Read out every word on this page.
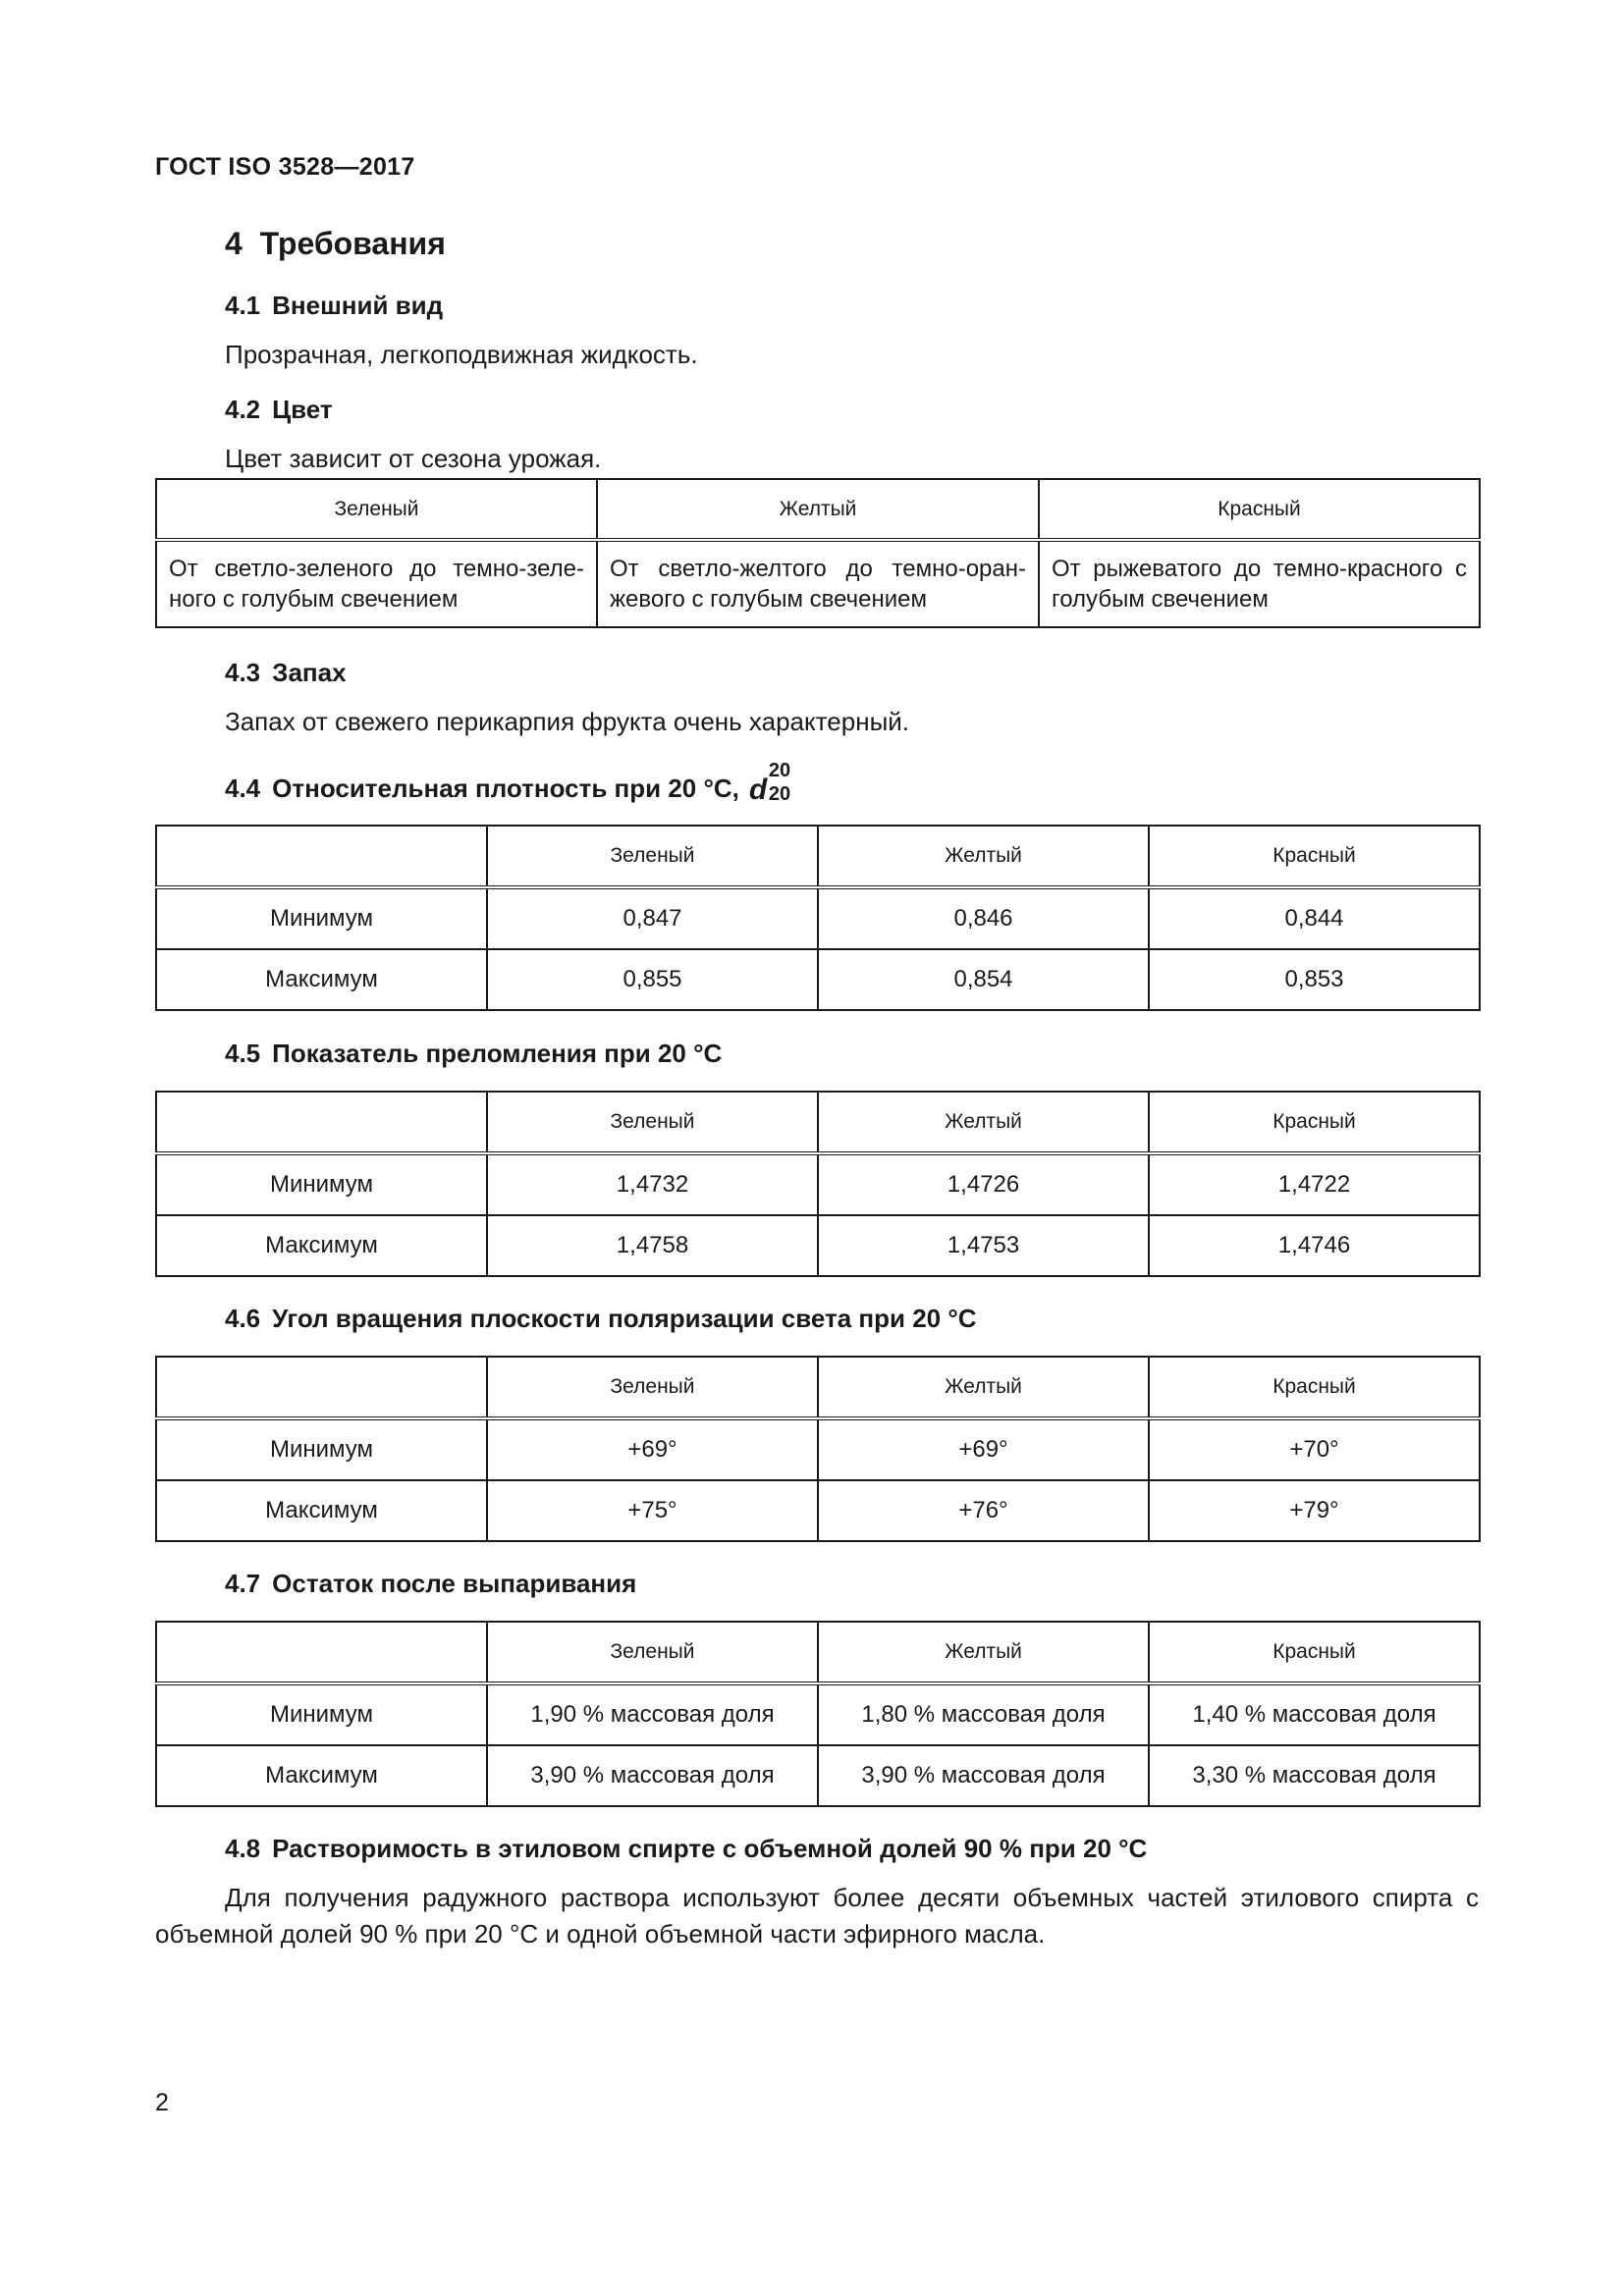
ГОСТ ISO 3528—2017
4 Требования
4.1 Внешний вид
Прозрачная, легкоподвижная жидкость.
4.2 Цвет
Цвет зависит от сезона урожая.
Зеленый	Желтый	Красный
От светло-зеленого до темно-зеле-ного с голубым свечением	От светло-желтого до темно-оран-жевого с голубым свечением	От рыжеватого до темно-красного с голубым свечением
4.3 Запах
Запах от свежего перикарпия фрукта очень характерный.
4.4 Относительная плотность при 20 °C, d
20
20
	Зеленый	Желтый	Красный
Минимум	0,847	0,846	0,844
Максимум	0,855	0,854	0,853
4.5 Показатель преломления при 20 °C
	Зеленый	Желтый	Красный
Минимум	1,4732	1,4726	1,4722
Максимум	1,4758	1,4753	1,4746
4.6 Угол вращения плоскости поляризации света при 20 °C
	Зеленый	Желтый	Красный
Минимум	+69°	+69°	+70°
Максимум	+75°	+76°	+79°
4.7 Остаток после выпаривания
	Зеленый	Желтый	Красный
Минимум	1,90 % массовая доля	1,80 % массовая доля	1,40 % массовая доля
Максимум	3,90 % массовая доля	3,90 % массовая доля	3,30 % массовая доля
4.8 Растворимость в этиловом спирте с объемной долей 90 % при 20 °C
Для получения радужного раствора используют более десяти объемных частей этилового спирта с объемной долей 90 % при 20 °C и одной объемной части эфирного масла.
2
